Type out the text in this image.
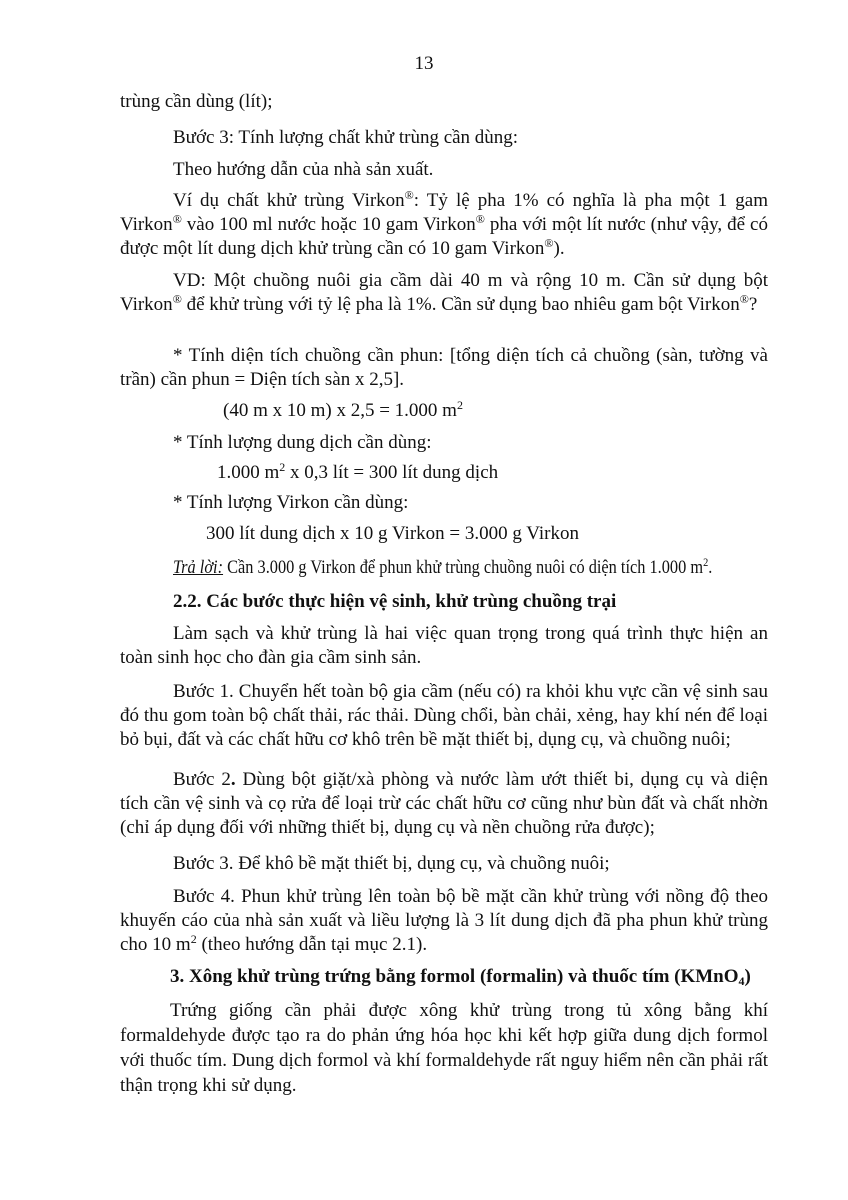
13

trùng cần dùng (lít);

Bước 3: Tính lượng chất khử trùng cần dùng:

Theo hướng dẫn của nhà sản xuất.

Ví dụ chất khử trùng Virkon®: Tỷ lệ pha 1% có nghĩa là pha một 1 gam Virkon® vào 100 ml nước hoặc 10 gam Virkon® pha với một lít nước (như vậy, để có được một lít dung dịch khử trùng cần có 10 gam Virkon®).

VD: Một chuồng nuôi gia cầm dài 40 m và rộng 10 m. Cần sử dụng bột Virkon® để khử trùng với tỷ lệ pha là 1%. Cần sử dụng bao nhiêu gam bột Virkon®?

* Tính diện tích chuồng cần phun: [tổng diện tích cả chuồng (sàn, tường và trần) cần phun = Diện tích sàn x 2,5].

(40 m x 10 m) x 2,5 = 1.000 $m^2$

* Tính lượng dung dịch cần dùng:

1.000 $m^2$ x 0,3 lít = 300 lít dung dịch

* Tính lượng Virkon cần dùng:

300 lít dung dịch x 10 g Virkon = 3.000 g Virkon

Trả lời: Cần 3.000 g Virkon để phun khử trùng chuồng nuôi có diện tích 1.000 $m^2$.

2.2. Các bước thực hiện vệ sinh, khử trùng chuồng trại

Làm sạch và khử trùng là hai việc quan trọng trong quá trình thực hiện an toàn sinh học cho đàn gia cầm sinh sản.

Bước 1. Chuyển hết toàn bộ gia cầm (nếu có) ra khỏi khu vực cần vệ sinh sau đó thu gom toàn bộ chất thải, rác thải. Dùng chổi, bàn chải, xẻng, hay khí nén để loại bỏ bụi, đất và các chất hữu cơ khô trên bề mặt thiết bị, dụng cụ, và chuồng nuôi;

Bước 2. Dùng bột giặt/xà phòng và nước làm ướt thiết bi, dụng cụ và diện tích cần vệ sinh và cọ rửa để loại trừ các chất hữu cơ cũng như bùn đất và chất nhờn (chỉ áp dụng đối với những thiết bị, dụng cụ và nền chuồng rửa được);

Bước 3. Để khô bề mặt thiết bị, dụng cụ, và chuồng nuôi;

Bước 4. Phun khử trùng lên toàn bộ bề mặt cần khử trùng với nồng độ theo khuyến cáo của nhà sản xuất và liều lượng là 3 lít dung dịch đã pha phun khử trùng cho 10 $m^2$ (theo hướng dẫn tại mục 2.1).

3. Xông khử trùng trứng bằng formol (formalin) và thuốc tím (KMnO$_4$)

Trứng giống cần phải được xông khử trùng trong tủ xông bằng khí formaldehyde được tạo ra do phản ứng hóa học khi kết hợp giữa dung dịch formol với thuốc tím. Dung dịch formol và khí formaldehyde rất nguy hiểm nên cần phải rất thận trọng khi sử dụng.
